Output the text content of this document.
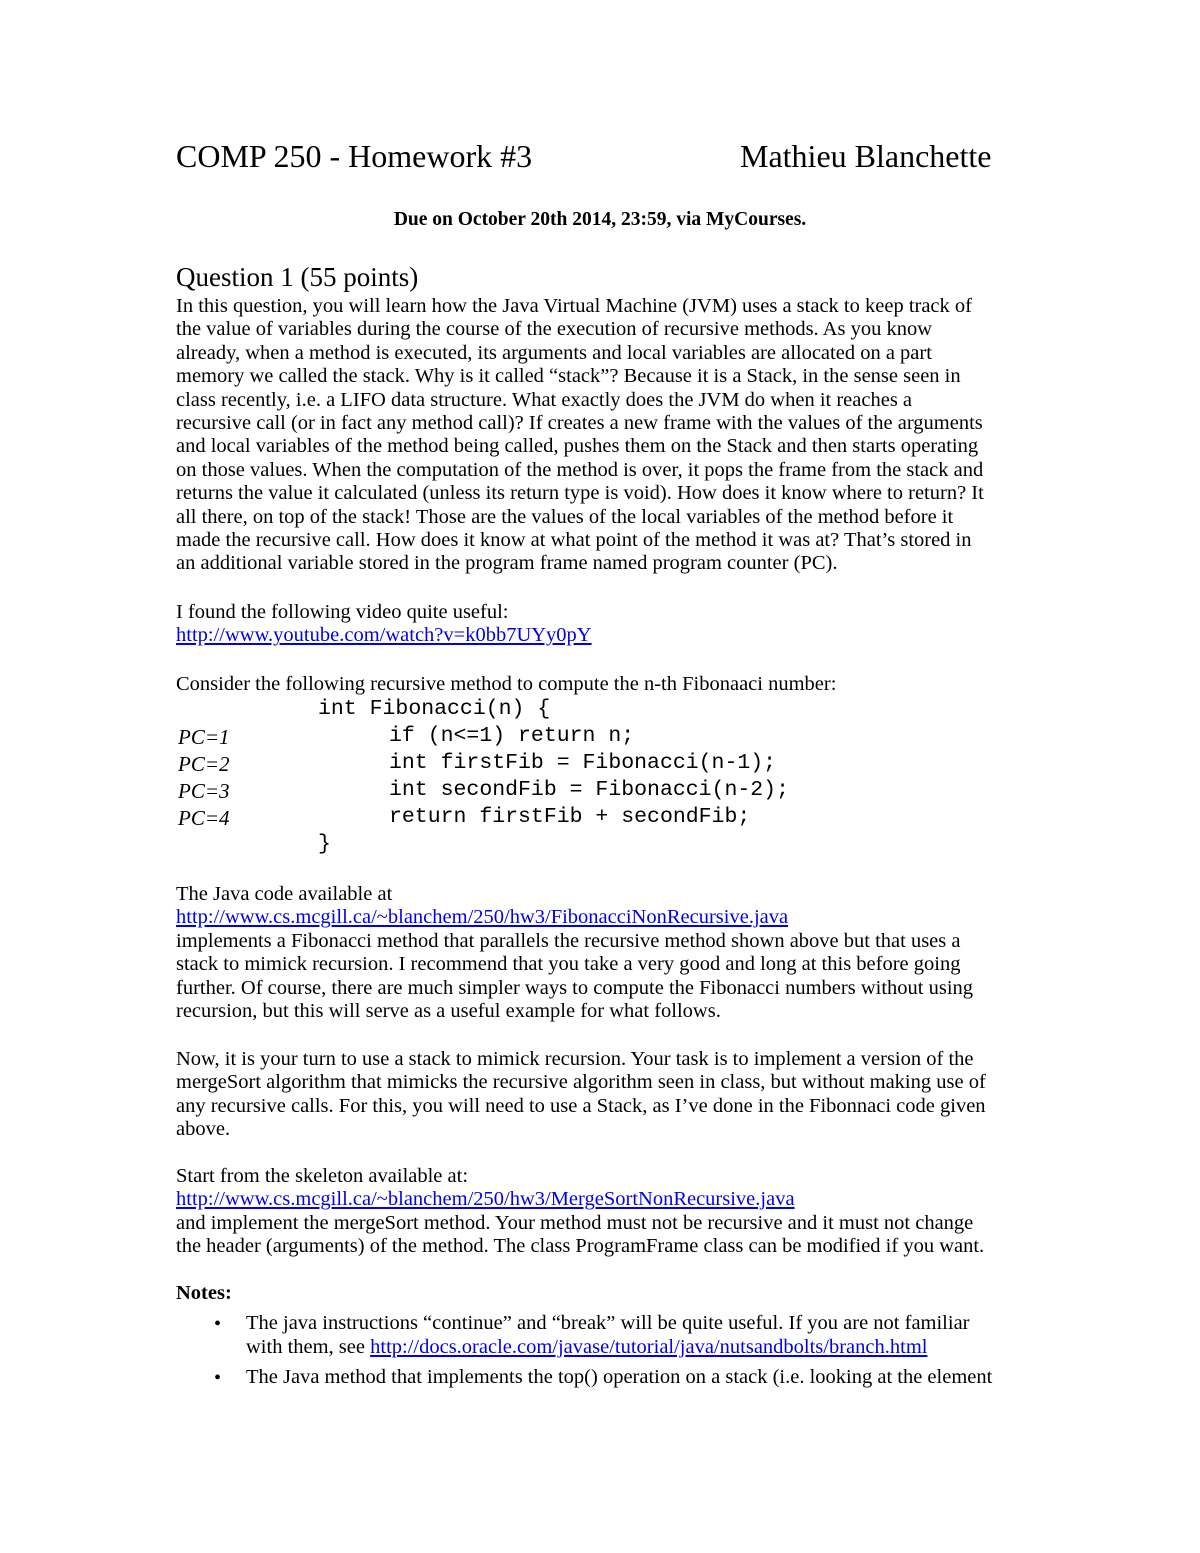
COMP 250 - Homework #3	Mathieu Blanchette
Due on October 20th 2014, 23:59, via MyCourses.
Question 1 (55 points)
In this question, you will learn how the Java Virtual Machine (JVM) uses a stack to keep track of
the value of variables during the course of the execution of recursive methods. As you know
already, when a method is executed, its arguments and local variables are allocated on a part
memory we called the stack. Why is it called “stack”? Because it is a Stack, in the sense seen in
class recently, i.e. a LIFO data structure. What exactly does the JVM do when it reaches a
recursive call (or in fact any method call)? If creates a new frame with the values of the arguments
and local variables of the method being called, pushes them on the Stack and then starts operating
on those values. When the computation of the method is over, it pops the frame from the stack and
returns the value it calculated (unless its return type is void). How does it know where to return? It
all there, on top of the stack! Those are the values of the local variables of the method before it
made the recursive call. How does it know at what point of the method it was at? That’s stored in
an additional variable stored in the program frame named program counter (PC).
I found the following video quite useful:
http://www.youtube.com/watch?v=k0bb7UYy0pY
Consider the following recursive method to compute the n-th Fibonaaci number:
int Fibonacci(n) {
PC=1
PC=2
PC=3
PC=4
if (n<=1) return n;
int firstFib = Fibonacci(n-1);
int secondFib = Fibonacci(n-2);
return firstFib + secondFib;
}
The Java code available at
http://www.cs.mcgill.ca/~blanchem/250/hw3/FibonacciNonRecursive.java
implements a Fibonacci method that parallels the recursive method shown above but that uses a
stack to mimick recursion. I recommend that you take a very good and long at this before going
further. Of course, there are much simpler ways to compute the Fibonacci numbers without using
recursion, but this will serve as a useful example for what follows.
Now, it is your turn to use a stack to mimick recursion. Your task is to implement a version of the
mergeSort algorithm that mimicks the recursive algorithm seen in class, but without making use of
any recursive calls. For this, you will need to use a Stack, as I’ve done in the Fibonnaci code given
above.
Start from the skeleton available at:
http://www.cs.mcgill.ca/~blanchem/250/hw3/MergeSortNonRecursive.java
and implement the mergeSort method. Your method must not be recursive and it must not change
the header (arguments) of the method. The class ProgramFrame class can be modified if you want.
Notes:
• The java instructions “continue” and “break” will be quite useful. If you are not familiar
with them, see http://docs.oracle.com/javase/tutorial/java/nutsandbolts/branch.html
• The Java method that implements the top() operation on a stack (i.e. looking at the element
